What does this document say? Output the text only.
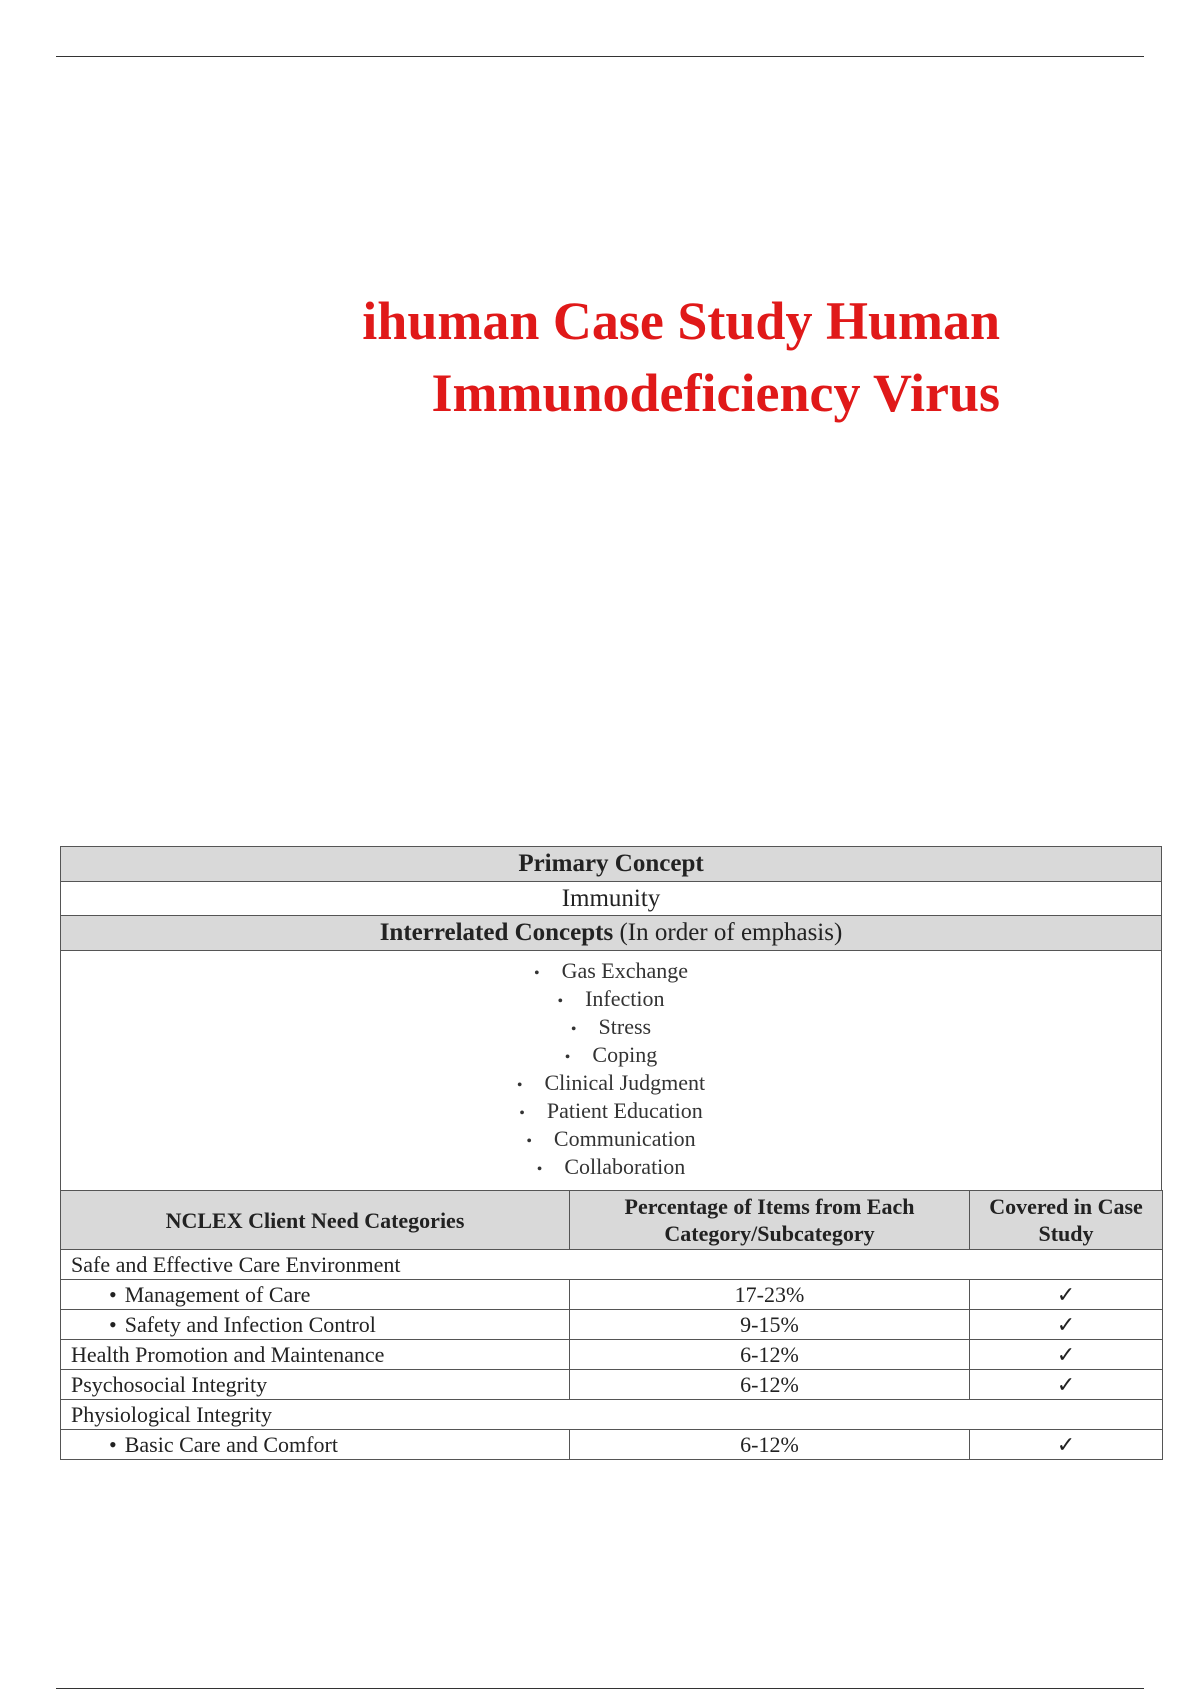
ihuman Case Study Human
Immunodeficiency Virus
Primary Concept
Immunity
Interrelated Concepts (In order of emphasis)

• Gas Exchange
• Infection
• Stress
• Coping
• Clinical Judgment
• Patient Education
• Communication
• Collaboration
NCLEX Client Need Categories	Percentage of Items from Each Category/Subcategory	Covered in Case Study
Safe and Effective Care Environment		
• Management of Care	17-23%	✓
• Safety and Infection Control	9-15%	✓
Health Promotion and Maintenance	6-12%	✓
Psychosocial Integrity	6-12%	✓
Physiological Integrity		
• Basic Care and Comfort	6-12%	✓
